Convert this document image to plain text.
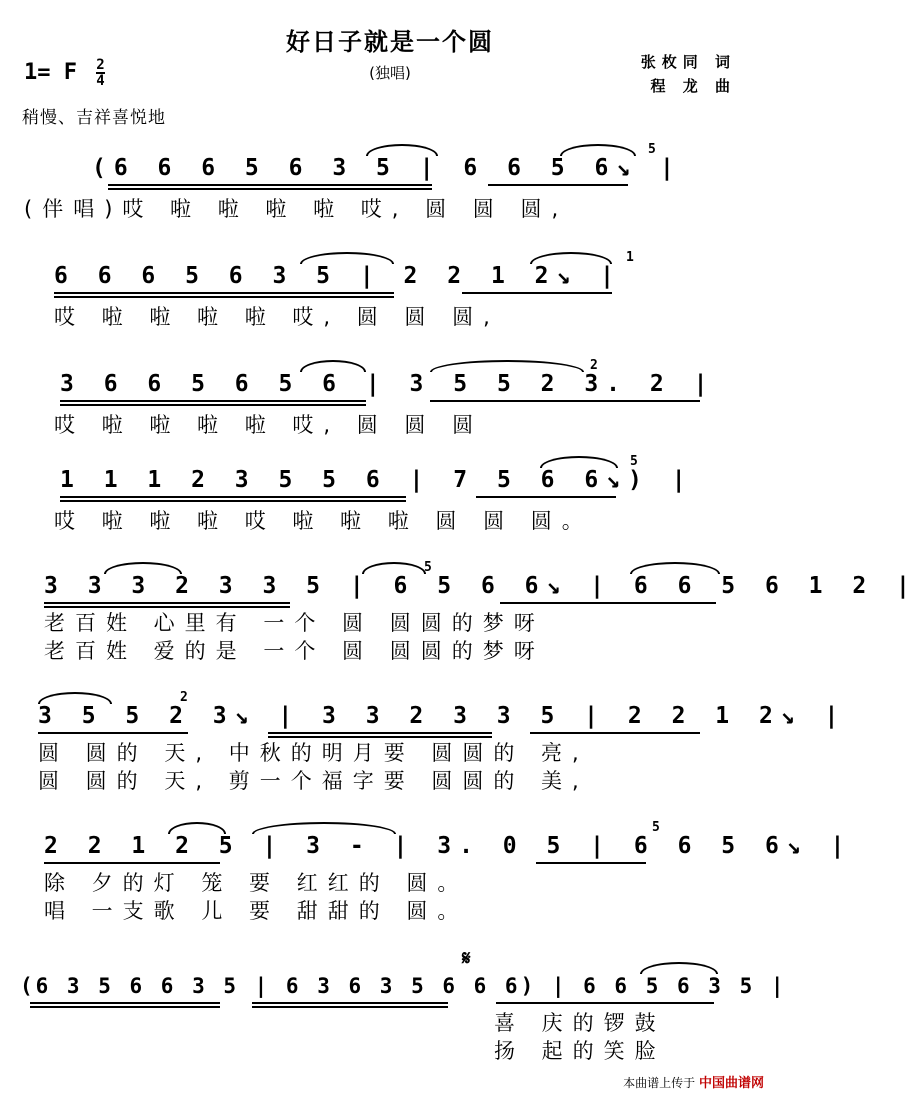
好日子就是一个圆
(独唱)
1= F $\frac{2}{4}$	张枚同 词
程 龙 曲
稍慢、吉祥喜悦地
(6 6 6 5 6 3 5 | 6 6 5 6↘ |
5
(伴唱)哎 啦 啦 啦 啦 哎, 圆 圆 圆,
6 6 6 5 6 3 5 | 2 2 1 2↘ |
1
哎 啦 啦 啦 啦 哎, 圆 圆 圆,
3 6 6 5 6 5 6 | 3 5 5 2 3. 2 |
2
哎 啦 啦 啦 啦 哎, 圆 圆 圆
1 1 1 2 3 5 5 6 | 7 5 6 6↘) |
5
哎 啦 啦 啦 哎 啦 啦 啦 圆 圆 圆。
3 3 3 2 3 3 5 | 6 5 6 6↘ | 6 6 5 6 1 2 |
5
老百姓 心里有 一个 圆 圆圆的梦呀
老百姓 爱的是 一个 圆 圆圆的梦呀
3 5 5 2 3↘ | 3 3 2 3 3 5 | 2 2 1 2↘ |
2
圆 圆的 天, 中秋的明月要 圆圆的 亮,
圆 圆的 天, 剪一个福字要 圆圆的 美,
2 2 1 2 5 | 3 - | 3. 0 5 | 6 6 5 6↘ |
5
除 夕的灯 笼 要 红红的 圆。
唱 一支歌 儿 要 甜甜的 圆。
𝄋
(6 3 5 6 6 3 5 | 6 3 6 3 5 6 6 6) | 6 6 5 6 3 5 |
喜 庆的锣鼓
扬 起的笑脸
本曲谱上传于 中国曲谱网
